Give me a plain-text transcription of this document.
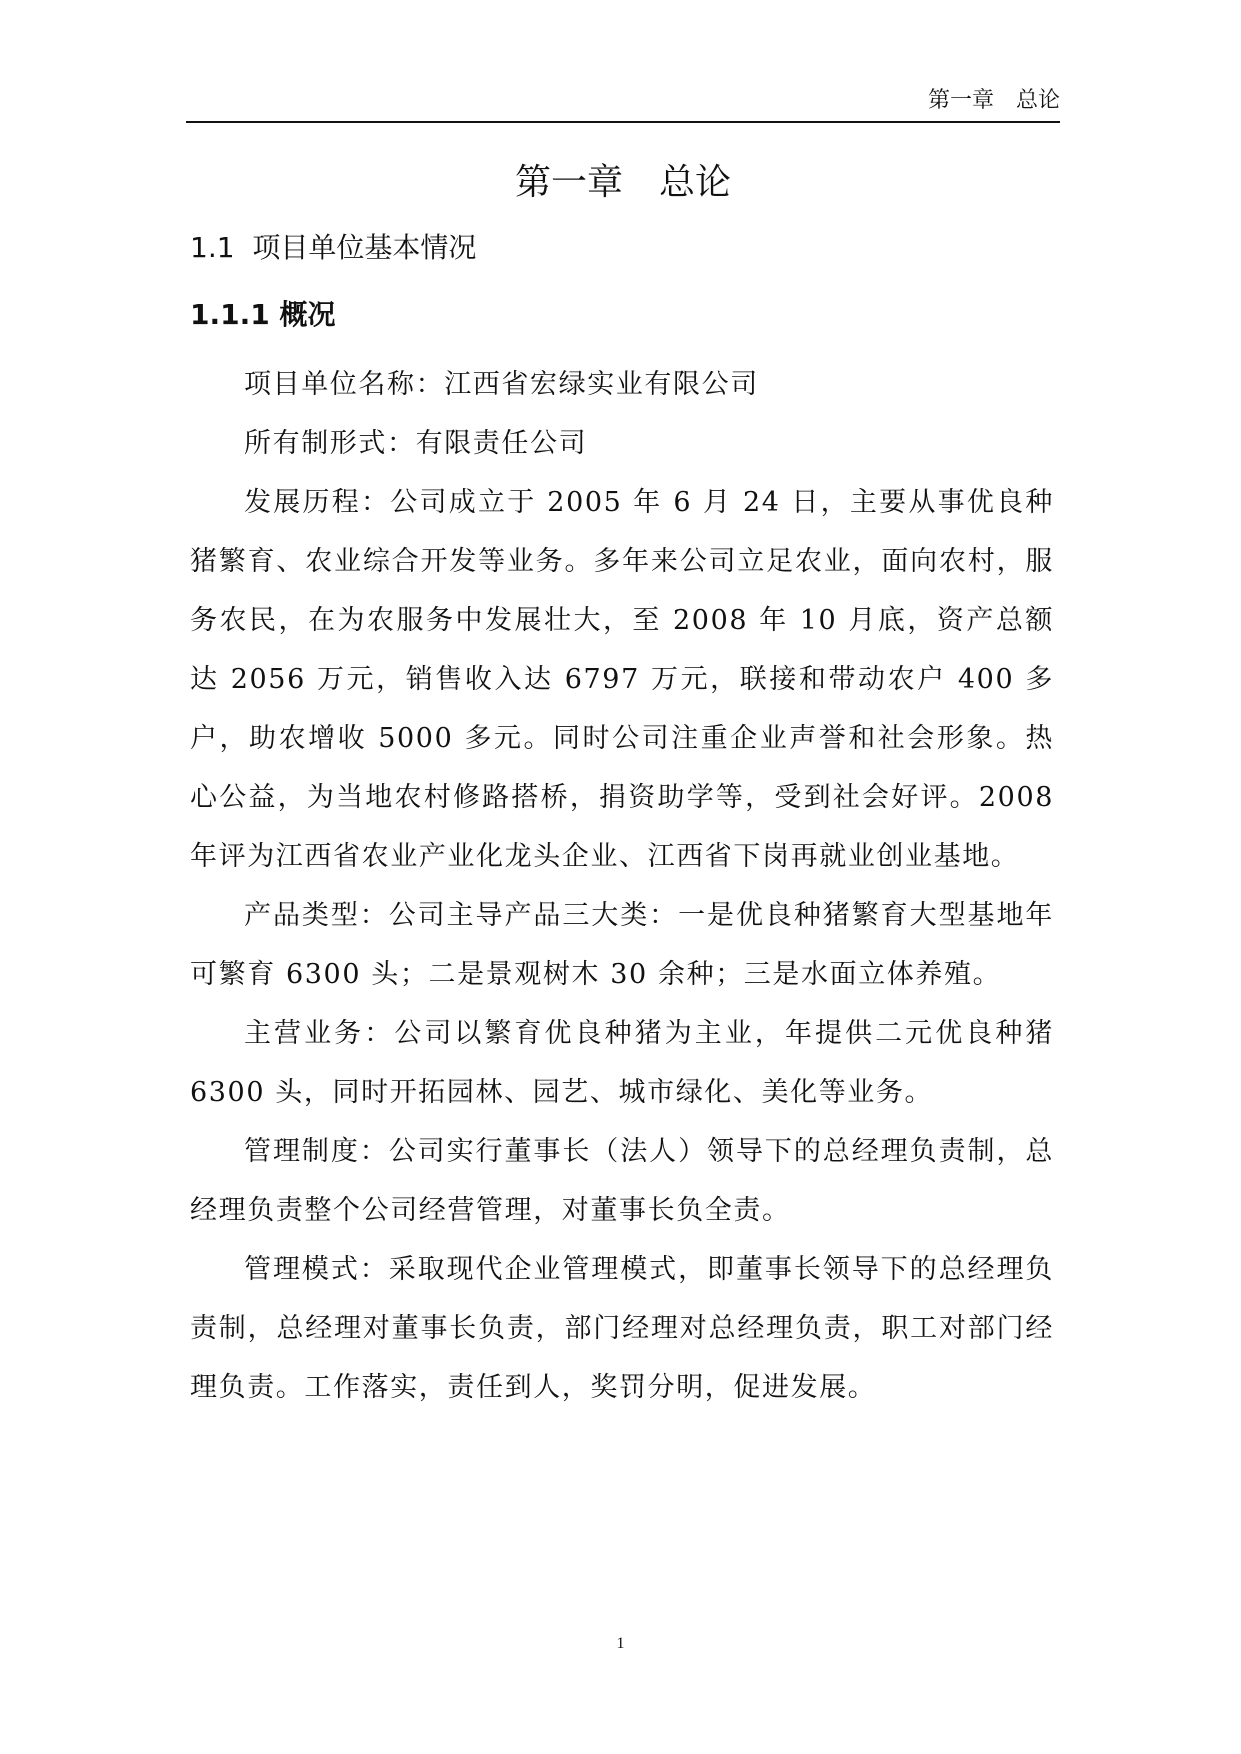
第一章　总论
第一章　总论
1.1  项目单位基本情况
1.1.1 概况

项目单位名称：江西省宏绿实业有限公司

所有制形式：有限责任公司

发展历程：公司成立于 2005 年 6 月 24 日，主要从事优良种猪繁育、农业综合开发等业务。多年来公司立足农业，面向农村，服务农民，在为农服务中发展壮大，至 2008 年 10 月底，资产总额达 2056 万元，销售收入达 6797 万元，联接和带动农户 400 多户，助农增收 5000 多元。同时公司注重企业声誉和社会形象。热心公益，为当地农村修路搭桥，捐资助学等，受到社会好评。2008 年评为江西省农业产业化龙头企业、江西省下岗再就业创业基地。

产品类型：公司主导产品三大类：一是优良种猪繁育大型基地年可繁育 6300 头；二是景观树木 30 余种；三是水面立体养殖。

主营业务：公司以繁育优良种猪为主业，年提供二元优良种猪 6300 头，同时开拓园林、园艺、城市绿化、美化等业务。

管理制度：公司实行董事长（法人）领导下的总经理负责制，总经理负责整个公司经营管理，对董事长负全责。

管理模式：采取现代企业管理模式，即董事长领导下的总经理负责制，总经理对董事长负责，部门经理对总经理负责，职工对部门经理负责。工作落实，责任到人，奖罚分明，促进发展。

1
